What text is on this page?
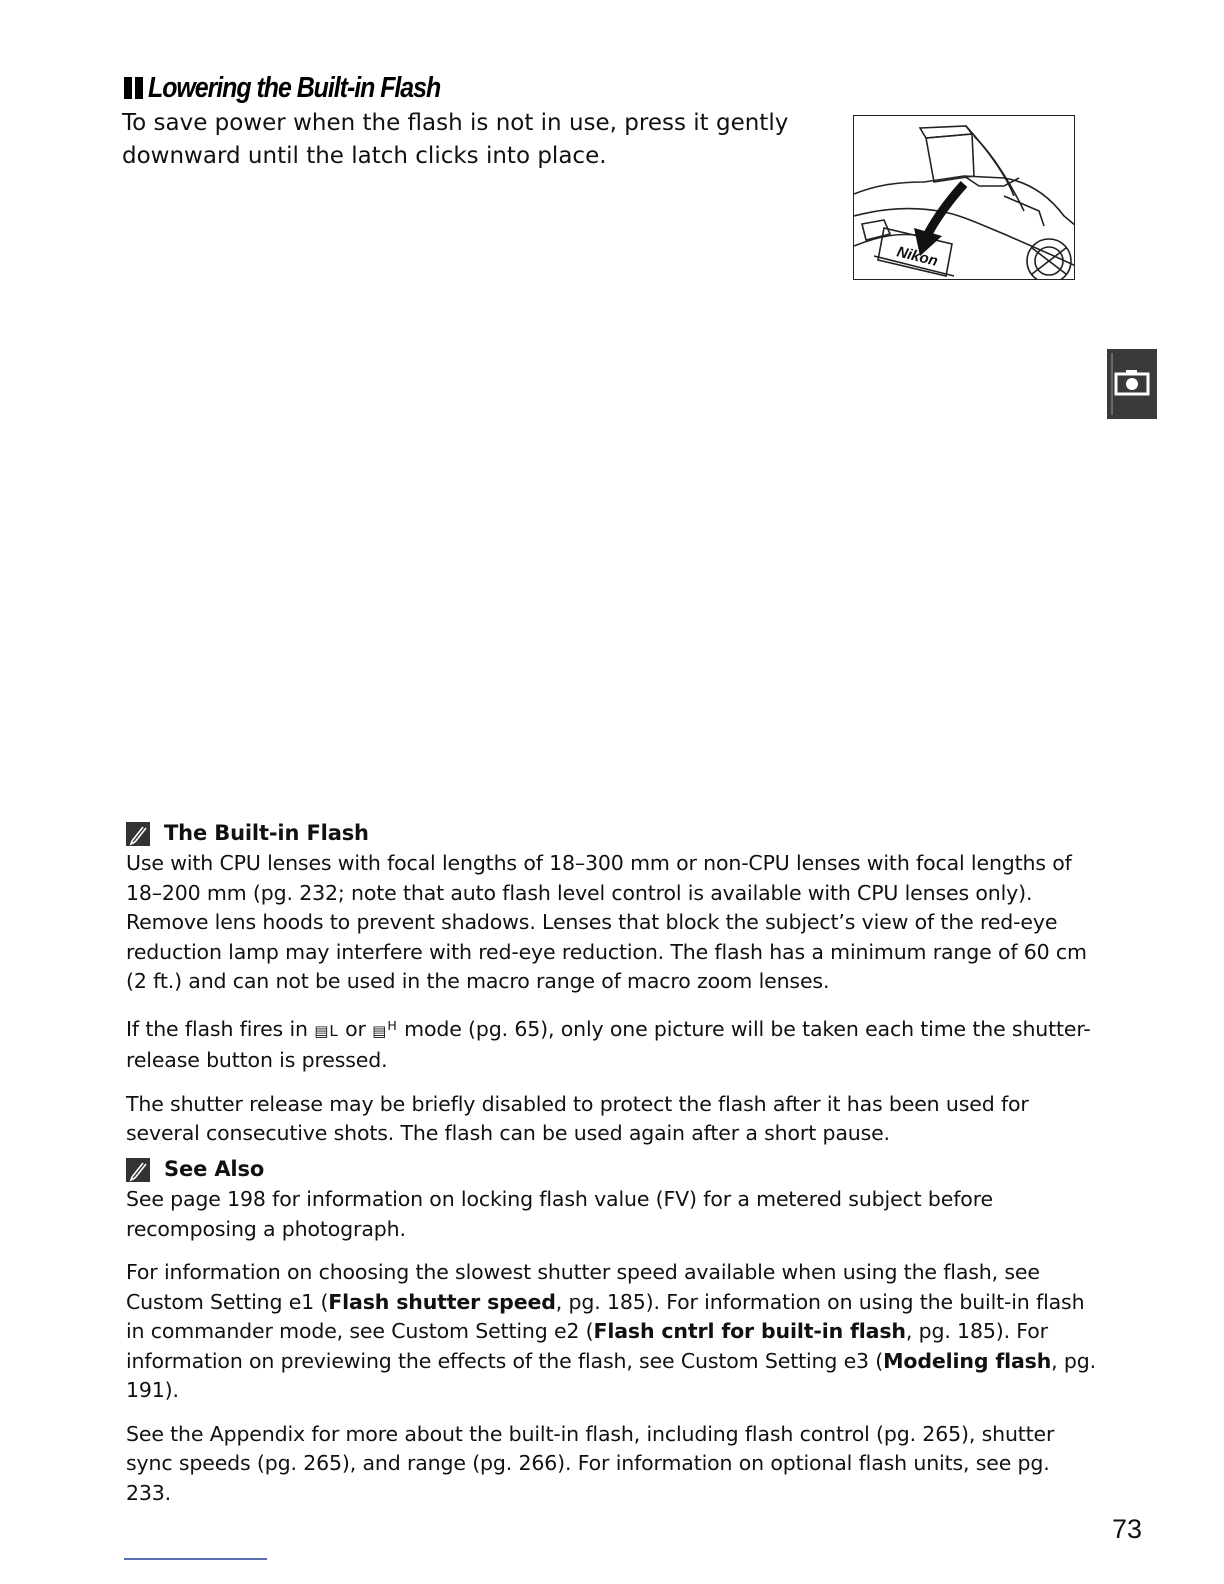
Lowering the Built-in Flash
To save power when the flash is not in use, press it gently downward until the latch clicks into place.
Nikon
The Built-in Flash

Use with CPU lenses with focal lengths of 18–300 mm or non-CPU lenses with focal lengths of 18–200 mm (pg. 232; note that auto flash level control is available with CPU lenses only). Remove lens hoods to prevent shadows. Lenses that block the subject’s view of the red-eye reduction lamp may interfere with red-eye reduction. The flash has a minimum range of 60 cm (2 ft.) and can not be used in the macro range of macro zoom lenses.

If the flash fires in ▤L or ▤$^H$ mode (pg. 65), only one picture will be taken each time the shutter-release button is pressed.

The shutter release may be briefly disabled to protect the flash after it has been used for several consecutive shots. The flash can be used again after a short pause.

See Also

See page 198 for information on locking flash value (FV) for a metered subject before recomposing a photograph.

For information on choosing the slowest shutter speed available when using the flash, see Custom Setting e1 (Flash shutter speed, pg. 185). For information on using the built-in flash in commander mode, see Custom Setting e2 (Flash cntrl for built-in flash, pg. 185). For information on previewing the effects of the flash, see Custom Setting e3 (Modeling flash, pg. 191).

See the Appendix for more about the built-in flash, including flash control (pg. 265), shutter sync speeds (pg. 265), and range (pg. 266). For information on optional flash units, see pg. 233.

73
